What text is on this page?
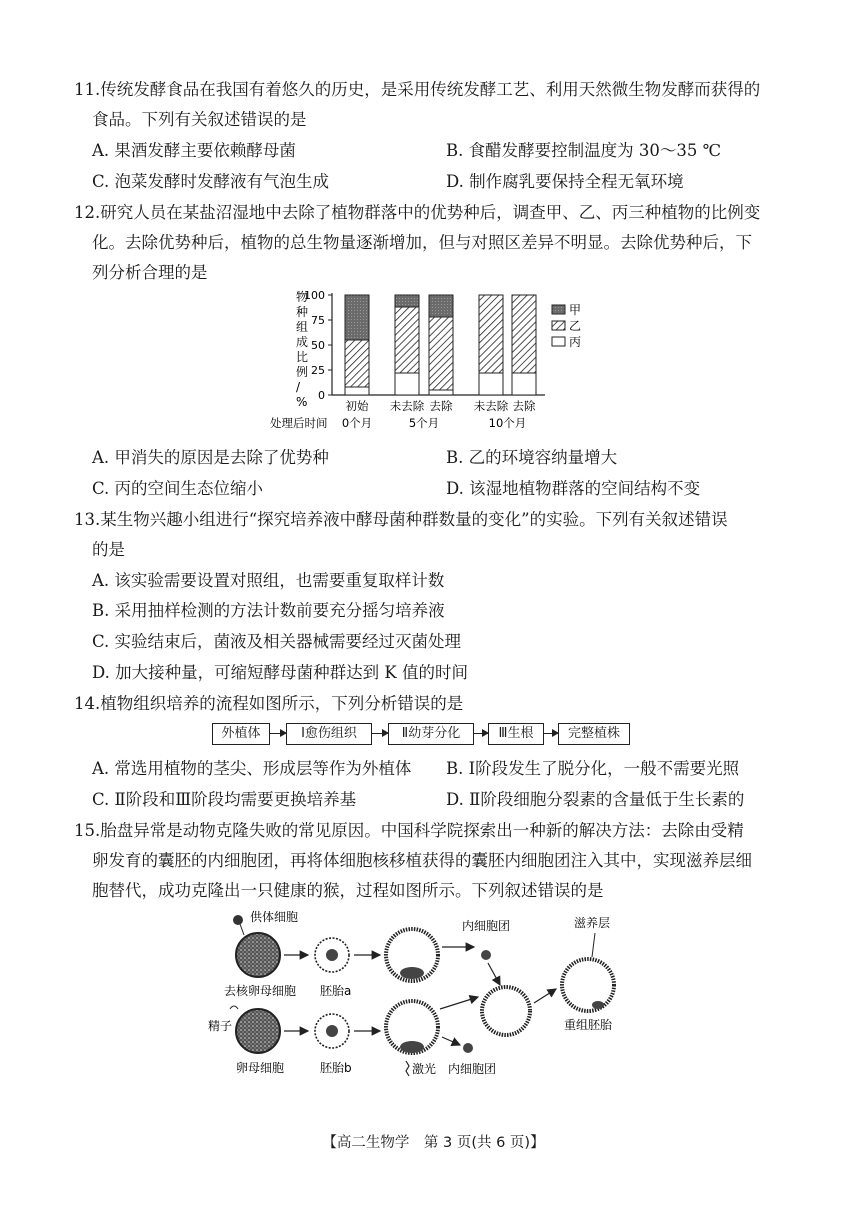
11.传统发酵食品在我国有着悠久的历史，是采用传统发酵工艺、利用天然微生物发酵而获得的
食品。下列有关叙述错误的是
A. 果酒发酵主要依赖酵母菌	B. 食醋发酵要控制温度为 30～35 ℃
C. 泡菜发酵时发酵液有气泡生成	D. 制作腐乳要保持全程无氧环境
12.研究人员在某盐沼湿地中去除了植物群落中的优势种后，调查甲、乙、丙三种植物的比例变
化。去除优势种后，植物的总生物量逐渐增加，但与对照区差异不明显。去除优势种后，下
列分析合理的是
物种组成比例/ % 0
25
50
75
100
初始 未去除 去除 未去除 去除
处理后时间 0个月	5个月	10个月
甲
乙
丙
A. 甲消失的原因是去除了优势种	B. 乙的环境容纳量增大
C. 丙的空间生态位缩小	D. 该湿地植物群落的空间结构不变
13.某生物兴趣小组进行“探究培养液中酵母菌种群数量的变化”的实验。下列有关叙述错误
的是
A. 该实验需要设置对照组，也需要重复取样计数
B. 采用抽样检测的方法计数前要充分摇匀培养液
C. 实验结束后，菌液及相关器械需要经过灭菌处理
D. 加大接种量，可缩短酵母菌种群达到 K 值的时间
14.植物组织培养的流程如图所示，下列分析错误的是
外植体	Ⅰ愈伤组织	Ⅱ幼芽分化	Ⅲ生根	完整植株
A. 常选用植物的茎尖、形成层等作为外植体 B. Ⅰ阶段发生了脱分化，一般不需要光照
C. Ⅱ阶段和Ⅲ阶段均需要更换培养基	D. Ⅱ阶段细胞分裂素的含量低于生长素的
15.胎盘异常是动物克隆失败的常见原因。中国科学院探索出一种新的解决方法：去除由受精
卵发育的囊胚的内细胞团，再将体细胞核移植获得的囊胚内细胞团注入其中，实现滋养层细
胞替代，成功克隆出一只健康的猴，过程如图所示。下列叙述错误的是
供体细胞
去核卵母细胞 胚胎a
内细胞团
精子
卵母细胞	胚胎b	激光 内细胞团
滋养层
重组胚胎
【高二生物学　第 3 页(共 6 页)】
